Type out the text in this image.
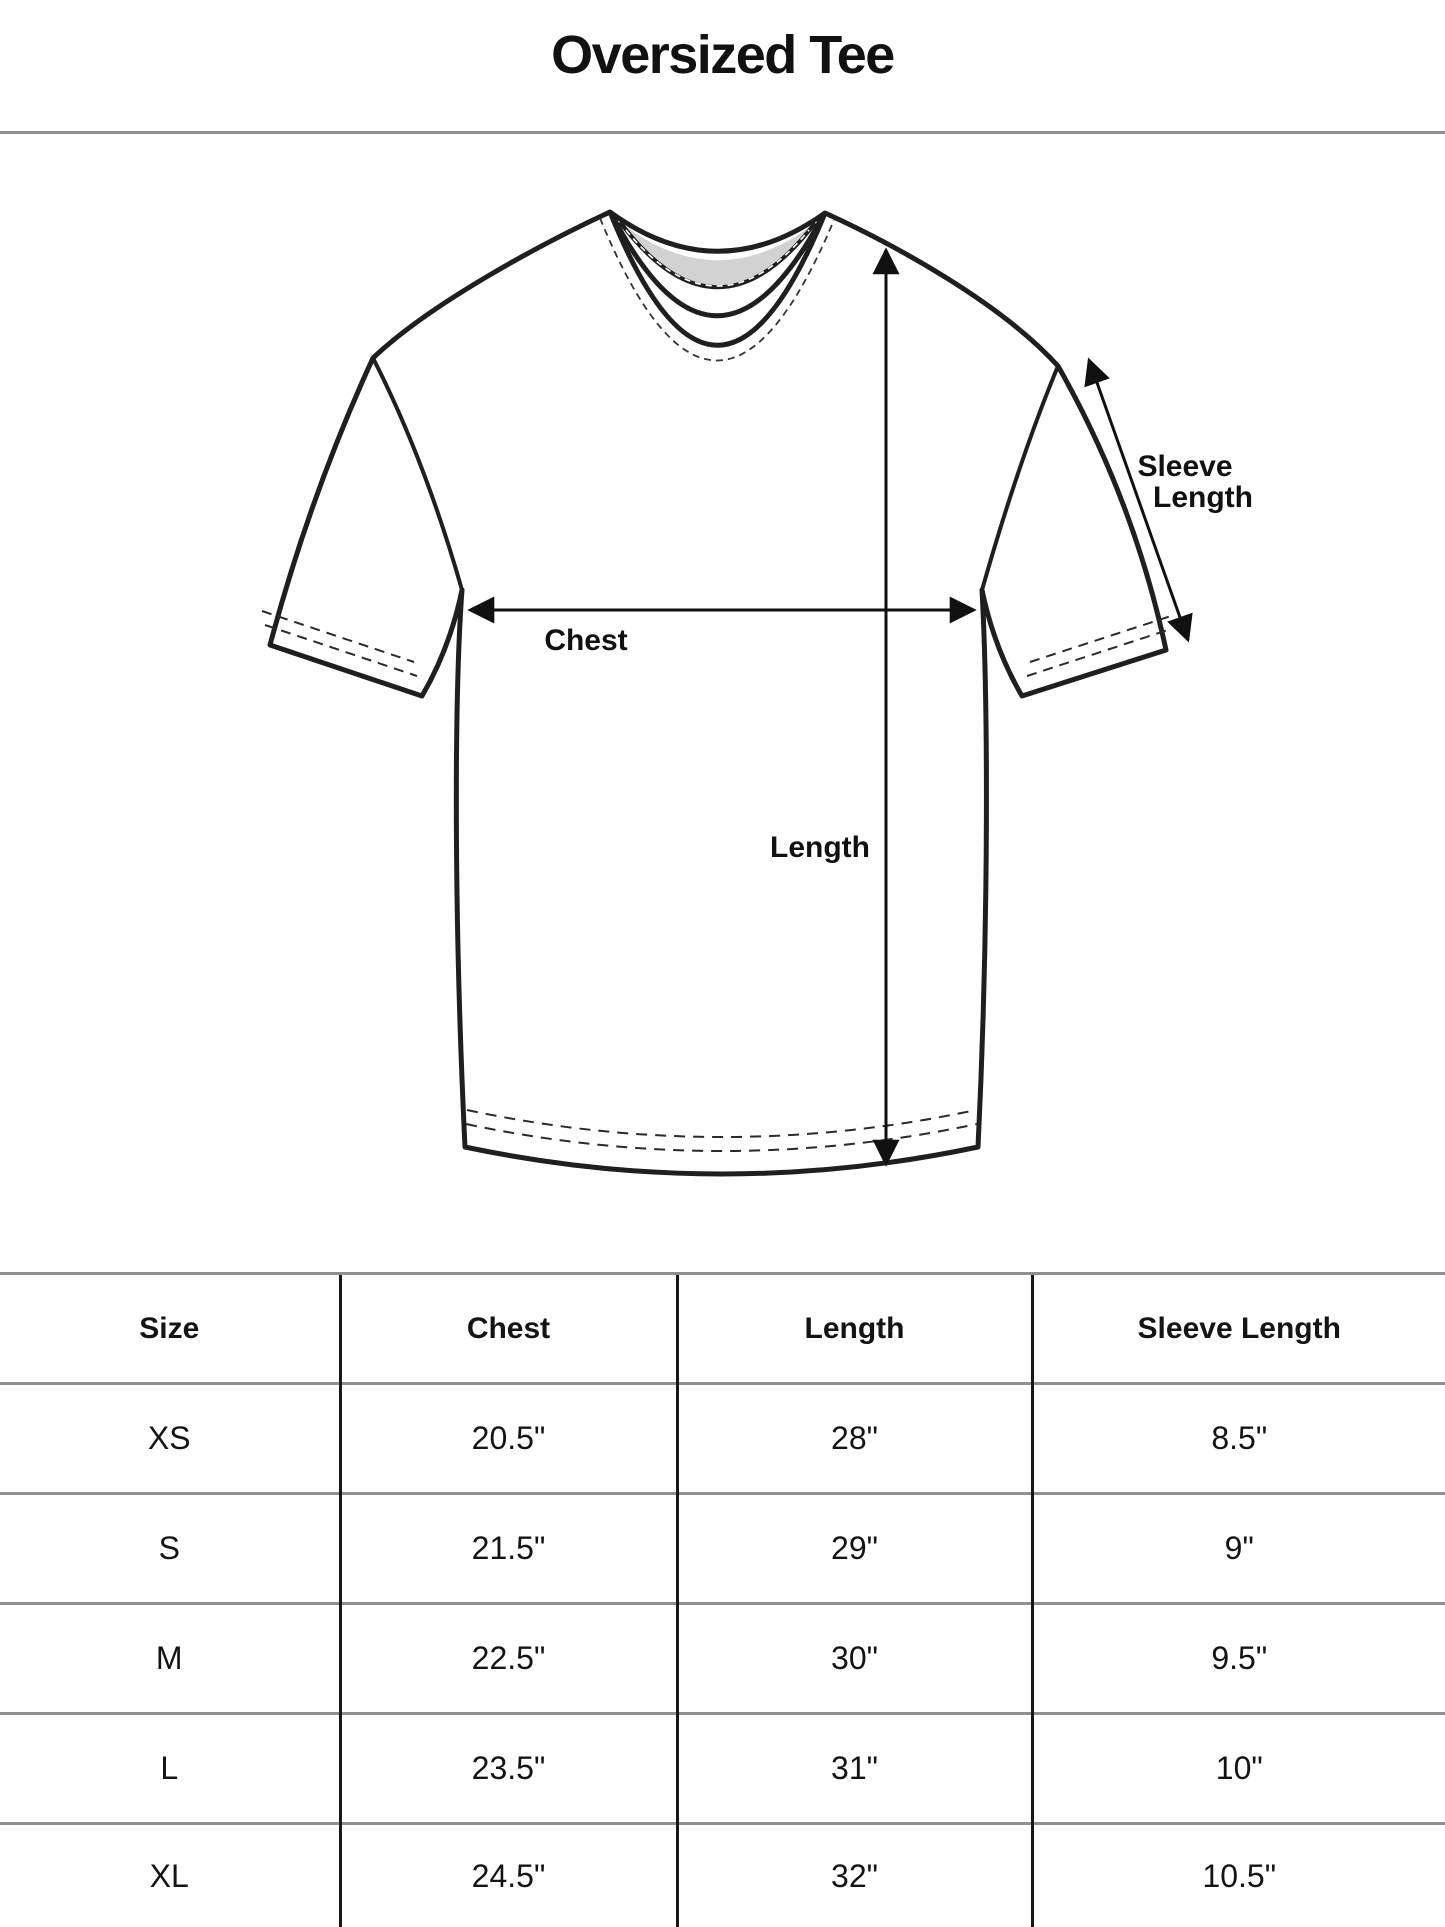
Oversized Tee
Chest
Length
Sleeve
Length
Size	Chest	Length	Sleeve Length
XS	20.5"	28"	8.5"
S	21.5"	29"	9"
M	22.5"	30"	9.5"
L	23.5"	31"	10"
XL	24.5"	32"	10.5"
